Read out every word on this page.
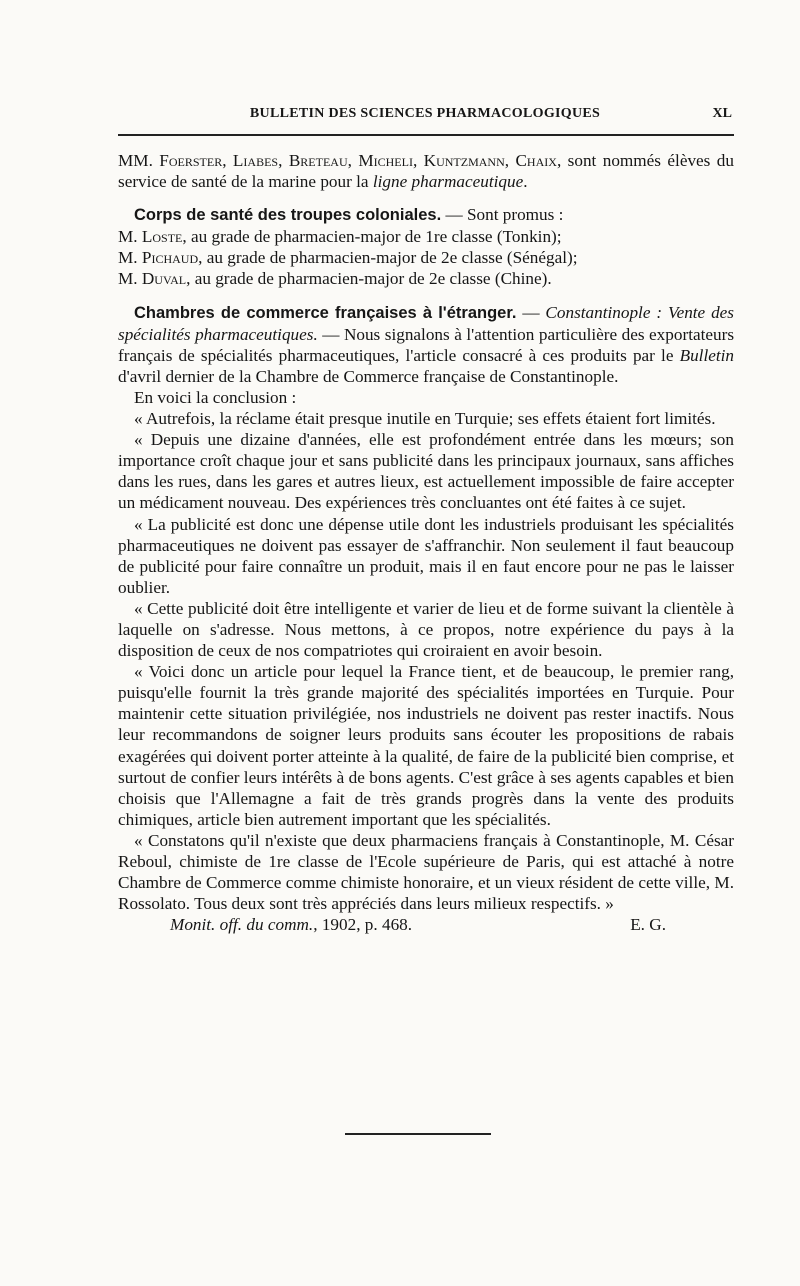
BULLETIN DES SCIENCES PHARMACOLOGIQUES	XL

MM. Foerster, Liabes, Breteau, Micheli, Kuntzmann, Chaix, sont nommés élèves du service de santé de la marine pour la ligne pharmaceutique.

Corps de santé des troupes coloniales. — Sont promus :

M. Loste, au grade de pharmacien-major de 1re classe (Tonkin);

M. Pichaud, au grade de pharmacien-major de 2e classe (Sénégal);

M. Duval, au grade de pharmacien-major de 2e classe (Chine).

Chambres de commerce françaises à l'étranger. — Constantinople : Vente des spécialités pharmaceutiques. — Nous signalons à l'attention particulière des exportateurs français de spécialités pharmaceutiques, l'article consacré à ces produits par le Bulletin d'avril dernier de la Chambre de Commerce française de Constantinople.

En voici la conclusion :

« Autrefois, la réclame était presque inutile en Turquie; ses effets étaient fort limités.

« Depuis une dizaine d'années, elle est profondément entrée dans les mœurs; son importance croît chaque jour et sans publicité dans les principaux journaux, sans affiches dans les rues, dans les gares et autres lieux, est actuellement impossible de faire accepter un médicament nouveau. Des expériences très concluantes ont été faites à ce sujet.

« La publicité est donc une dépense utile dont les industriels produisant les spécialités pharmaceutiques ne doivent pas essayer de s'affranchir. Non seulement il faut beaucoup de publicité pour faire connaître un produit, mais il en faut encore pour ne pas le laisser oublier.

« Cette publicité doit être intelligente et varier de lieu et de forme suivant la clientèle à laquelle on s'adresse. Nous mettons, à ce propos, notre expérience du pays à la disposition de ceux de nos compatriotes qui croiraient en avoir besoin.

« Voici donc un article pour lequel la France tient, et de beaucoup, le premier rang, puisqu'elle fournit la très grande majorité des spécialités importées en Turquie. Pour maintenir cette situation privilégiée, nos industriels ne doivent pas rester inactifs. Nous leur recommandons de soigner leurs produits sans écouter les propositions de rabais exagérées qui doivent porter atteinte à la qualité, de faire de la publicité bien comprise, et surtout de confier leurs intérêts à de bons agents. C'est grâce à ses agents capables et bien choisis que l'Allemagne a fait de très grands progrès dans la vente des produits chimiques, article bien autrement important que les spécialités.

« Constatons qu'il n'existe que deux pharmaciens français à Constantinople, M. César Reboul, chimiste de 1re classe de l'Ecole supérieure de Paris, qui est attaché à notre Chambre de Commerce comme chimiste honoraire, et un vieux résident de cette ville, M. Rossolato. Tous deux sont très appréciés dans leurs milieux respectifs. »

Monit. off. du comm., 1902, p. 468.	E. G.
